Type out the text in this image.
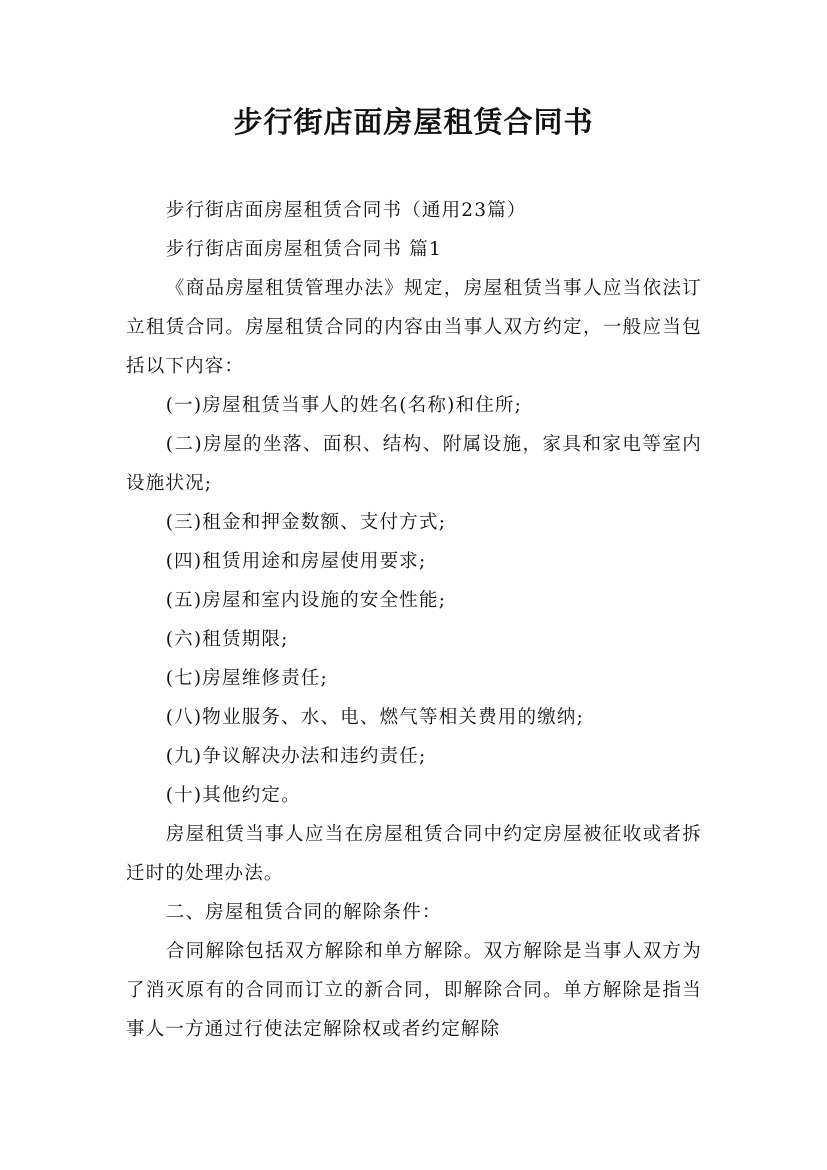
步行街店面房屋租赁合同书

步行街店面房屋租赁合同书（通用23篇）

步行街店面房屋租赁合同书 篇1

《商品房屋租赁管理办法》规定，房屋租赁当事人应当依法订立租赁合同。房屋租赁合同的内容由当事人双方约定，一般应当包括以下内容：

(一)房屋租赁当事人的姓名(名称)和住所;

(二)房屋的坐落、面积、结构、附属设施，家具和家电等室内设施状况;

(三)租金和押金数额、支付方式;

(四)租赁用途和房屋使用要求;

(五)房屋和室内设施的安全性能;

(六)租赁期限;

(七)房屋维修责任;

(八)物业服务、水、电、燃气等相关费用的缴纳;

(九)争议解决办法和违约责任;

(十)其他约定。

房屋租赁当事人应当在房屋租赁合同中约定房屋被征收或者拆迁时的处理办法。

二、房屋租赁合同的解除条件：

合同解除包括双方解除和单方解除。双方解除是当事人双方为了消灭原有的合同而订立的新合同，即解除合同。单方解除是指当事人一方通过行使法定解除权或者约定解除
